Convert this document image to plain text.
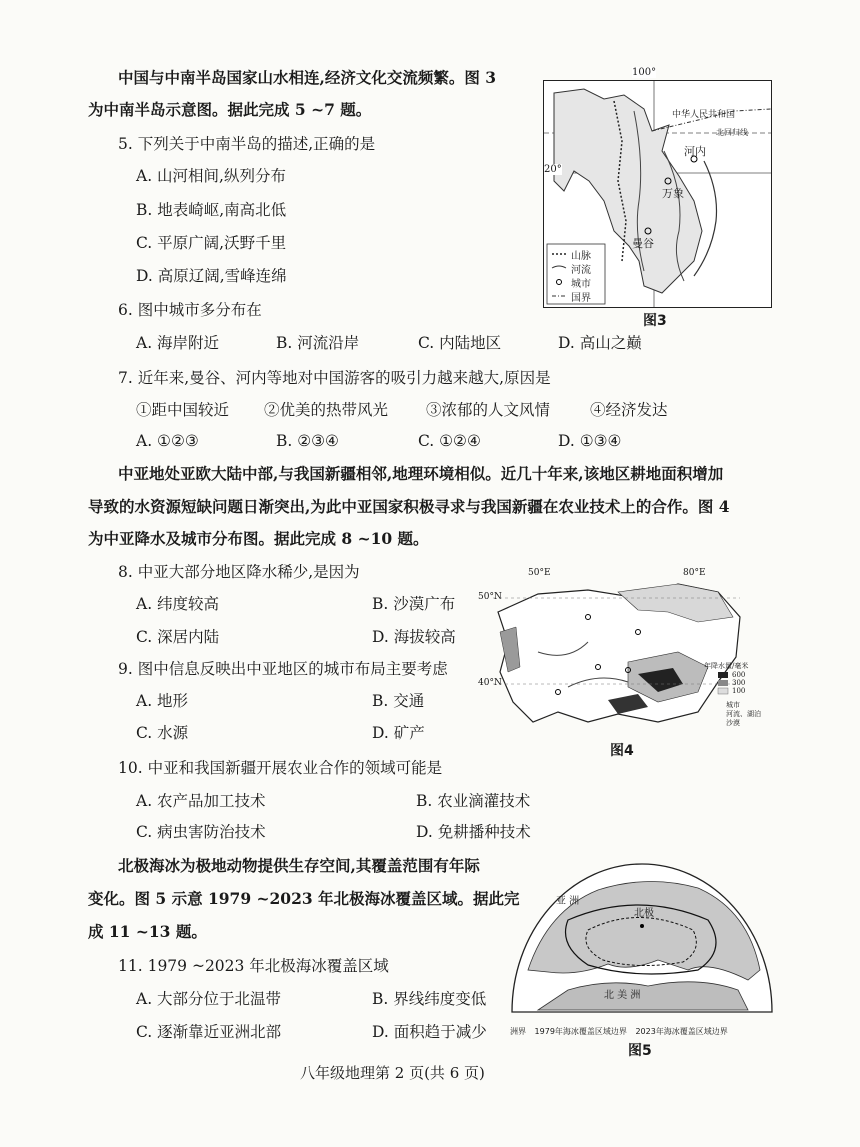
中国与中南半岛国家山水相连,经济文化交流频繁。图 3
为中南半岛示意图。据此完成 5 ~7 题。
5. 下列关于中南半岛的描述,正确的是
A. 山河相间,纵列分布
B. 地表崎岖,南高北低
C. 平原广阔,沃野千里
D. 高原辽阔,雪峰连绵
6. 图中城市多分布在
A. 海岸附近	B. 河流沿岸	C. 内陆地区	D. 高山之巅
7. 近年来,曼谷、河内等地对中国游客的吸引力越来越大,原因是
①距中国较近 ②优美的热带风光 ③浓郁的人文风情	④经济发达
A. ①②③	B. ②③④	C. ①②④	D. ①③④
100°
20°
中华人民共和国
北回归线
河内
万象
曼谷
山脉
河流
城市
国界
图3
中亚地处亚欧大陆中部,与我国新疆相邻,地理环境相似。近几十年来,该地区耕地面积增加
导致的水资源短缺问题日渐突出,为此中亚国家积极寻求与我国新疆在农业技术上的合作。图 4
为中亚降水及城市分布图。据此完成 8 ~10 题。
8. 中亚大部分地区降水稀少,是因为
A. 纬度较高	B. 沙漠广布
C. 深居内陆	D. 海拔较高
9. 图中信息反映出中亚地区的城市布局主要考虑
A. 地形	B. 交通
C. 水源	D. 矿产
10. 中亚和我国新疆开展农业合作的领域可能是
A. 农产品加工技术	B. 农业滴灌技术
C. 病虫害防治技术	D. 免耕播种技术
50°E	80°E
50°N
40°N
年降水量/毫米
600
300
100
城市
河流、湖泊
沙漠
图4
北极海冰为极地动物提供生存空间,其覆盖范围有年际
变化。图 5 示意 1979 ~2023 年北极海冰覆盖区域。据此完
成 11 ~13 题。
11. 1979 ~2023 年北极海冰覆盖区域
A. 大部分位于北温带	B. 界线纬度变低
C. 逐渐靠近亚洲北部	D. 面积趋于减少
亚 洲
北极
北 美 洲
洲界 1979年海冰覆盖区域边界 2023年海冰覆盖区域边界
图5
八年级地理第 2 页(共 6 页)
